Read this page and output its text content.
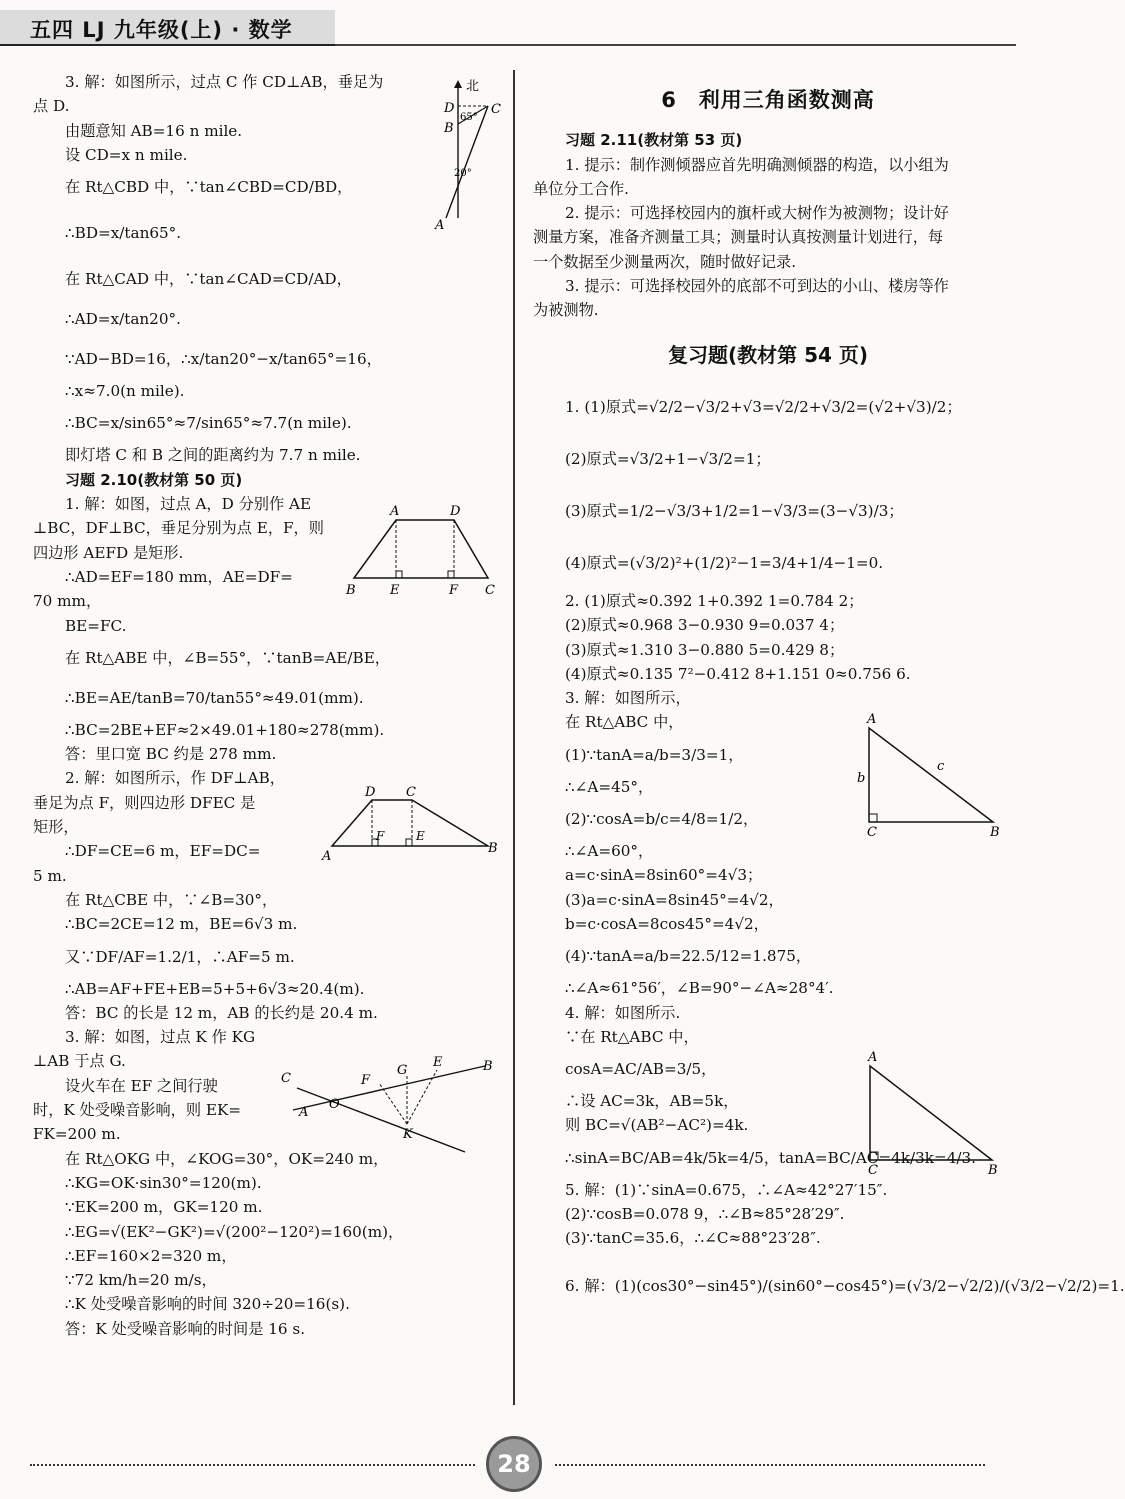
五四 LJ 九年级(上) · 数学
3. 解：如图所示，过点 C 作 CD⊥AB，垂足为
点 D.
由题意知 AB=16 n mile.
设 CD=x n mile.
在 Rt△CBD 中，∵tan∠CBD=CD/BD，
∴BD=x/tan65°.
在 Rt△CAD 中，∵tan∠CAD=CD/AD，
∴AD=x/tan20°.
∵AD−BD=16，∴x/tan20°−x/tan65°=16，
∴x≈7.0(n mile).
∴BC=x/sin65°≈7/sin65°≈7.7(n mile).
即灯塔 C 和 B 之间的距离约为 7.7 n mile.
习题 2.10(教材第 50 页)
1. 解：如图，过点 A，D 分别作 AE
⊥BC，DF⊥BC，垂足分别为点 E，F，则
四边形 AEFD 是矩形.
∴AD=EF=180 mm，AE=DF=
70 mm，
BE=FC.
在 Rt△ABE 中，∠B=55°，∵tanB=AE/BE，
∴BE=AE/tanB=70/tan55°≈49.01(mm).
∴BC=2BE+EF≈2×49.01+180≈278(mm).
答：里口宽 BC 约是 278 mm.
2. 解：如图所示，作 DF⊥AB，
垂足为点 F，则四边形 DFEC 是
矩形，
∴DF=CE=6 m，EF=DC=
5 m.
在 Rt△CBE 中，∵∠B=30°，
∴BC=2CE=12 m，BE=6√3 m.
又∵DF/AF=1.2/1，∴AF=5 m.
∴AB=AF+FE+EB=5+5+6√3≈20.4(m).
答：BC 的长是 12 m，AB 的长约是 20.4 m.
3. 解：如图，过点 K 作 KG
⊥AB 于点 G.
设火车在 EF 之间行驶
时，K 处受噪音影响，则 EK=
FK=200 m.
在 Rt△OKG 中，∠KOG=30°，OK=240 m，
∴KG=OK·sin30°=120(m).
∵EK=200 m，GK=120 m.
∴EG=√(EK²−GK²)=√(200²−120²)=160(m)，
∴EF=160×2=320 m，
∵72 km/h=20 m/s，
∴K 处受噪音影响的时间 320÷20=16(s).
答：K 处受噪音影响的时间是 16 s.
6　利用三角函数测高
习题 2.11(教材第 53 页)
1. 提示：制作测倾器应首先明确测倾器的构造，以小组为
单位分工合作.
2. 提示：可选择校园内的旗杆或大树作为被测物；设计好
测量方案，准备齐测量工具；测量时认真按测量计划进行，每
一个数据至少测量两次，随时做好记录.
3. 提示：可选择校园外的底部不可到达的小山、楼房等作
为被测物.
复习题(教材第 54 页)
1. (1)原式=√2/2−√3/2+√3=√2/2+√3/2=(√2+√3)/2；
(2)原式=√3/2+1−√3/2=1；
(3)原式=1/2−√3/3+1/2=1−√3/3=(3−√3)/3；
(4)原式=(√3/2)²+(1/2)²−1=3/4+1/4−1=0.
2. (1)原式≈0.392 1+0.392 1=0.784 2；
(2)原式≈0.968 3−0.930 9=0.037 4；
(3)原式≈1.310 3−0.880 5=0.429 8；
(4)原式≈0.135 7²−0.412 8+1.151 0≈0.756 6.
3. 解：如图所示，
在 Rt△ABC 中，
(1)∵tanA=a/b=3/3=1，
∴∠A=45°，
(2)∵cosA=b/c=4/8=1/2，
∴∠A=60°，
a=c·sinA=8sin60°=4√3；
(3)a=c·sinA=8sin45°=4√2，
b=c·cosA=8cos45°=4√2，
(4)∵tanA=a/b=22.5/12=1.875，
∴∠A≈61°56′，∠B=90°−∠A≈28°4′.
4. 解：如图所示.
∵在 Rt△ABC 中，
cosA=AC/AB=3/5，
∴设 AC=3k，AB=5k，
则 BC=√(AB²−AC²)=4k.
∴sinA=BC/AB=4k/5k=4/5，tanA=BC/AC=4k/3k=4/3.
5. 解：(1)∵sinA=0.675，∴∠A≈42°27′15″.
(2)∵cosB=0.078 9，∴∠B≈85°28′29″.
(3)∵tanC=35.6，∴∠C≈88°23′28″.
6. 解：(1)(cos30°−sin45°)/(sin60°−cos45°)=(√3/2−√2/2)/(√3/2−√2/2)=1.
北
D	C
B
65°
20°
A
A	D
B	E	F C
D C
F	E
A
B
C	F
G
E	B
A
O
K
A
b
c
C	B
A
C	B
28
